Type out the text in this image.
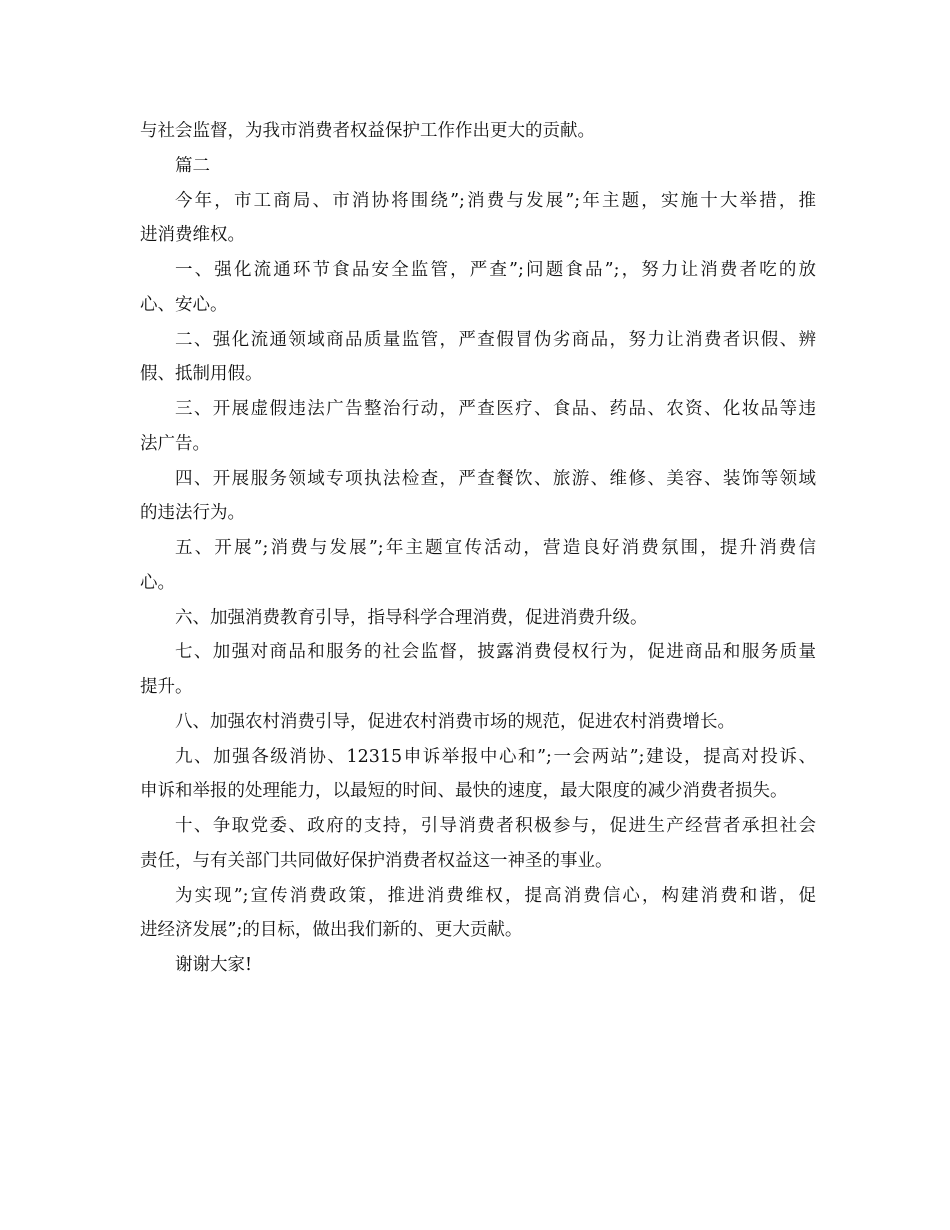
与社会监督，为我市消费者权益保护工作作出更大的贡献。
篇二
今年，市工商局、市消协将围绕”;消费与发展”;年主题，实施十大举措，推
进消费维权。
一、强化流通环节食品安全监管，严查”;问题食品”;，努力让消费者吃的放
心、安心。
二、强化流通领域商品质量监管，严查假冒伪劣商品，努力让消费者识假、辨
假、抵制用假。
三、开展虚假违法广告整治行动，严查医疗、食品、药品、农资、化妆品等违
法广告。
四、开展服务领域专项执法检查，严查餐饮、旅游、维修、美容、装饰等领域
的违法行为。
五、开展”;消费与发展”;年主题宣传活动，营造良好消费氛围，提升消费信
心。
六、加强消费教育引导，指导科学合理消费，促进消费升级。
七、加强对商品和服务的社会监督，披露消费侵权行为，促进商品和服务质量
提升。
八、加强农村消费引导，促进农村消费市场的规范，促进农村消费增长。
九、加强各级消协、12315申诉举报中心和”;一会两站”;建设，提高对投诉、
申诉和举报的处理能力，以最短的时间、最快的速度，最大限度的减少消费者损失。
十、争取党委、政府的支持，引导消费者积极参与，促进生产经营者承担社会
责任，与有关部门共同做好保护消费者权益这一神圣的事业。
为实现”;宣传消费政策，推进消费维权，提高消费信心，构建消费和谐，促
进经济发展”;的目标，做出我们新的、更大贡献。
谢谢大家!
